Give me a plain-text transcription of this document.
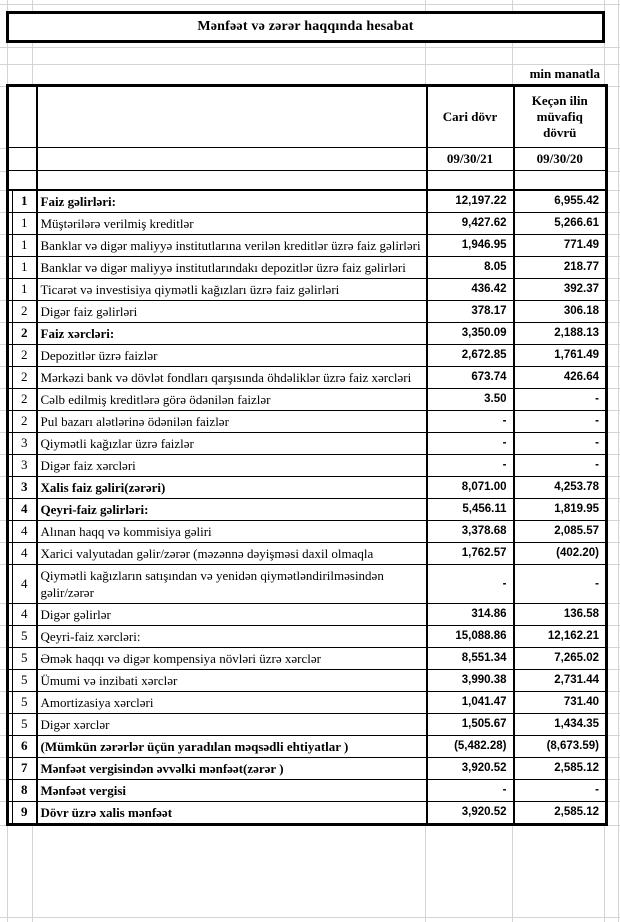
Mənfəət və zərər haqqında hesabat
min manatla
			Cari dövr	Keçən ilin müvafiq dövrü
			09/30/21	09/30/20

	1	Faiz gəlirləri:	12,197.22	6,955.42
	1	Müştərilərə verilmiş kreditlər	9,427.62	5,266.61
	1	Banklar və digər maliyyə institutlarına verilən kreditlər üzrə faiz gəlirləri	1,946.95	771.49
	1	Banklar və digər maliyyə institutlarındakı depozitlər üzrə faiz gəlirləri	8.05	218.77
	1	Ticarət və investisiya qiymətli kağızları üzrə faiz gəlirləri	436.42	392.37
	2	Digər faiz gəlirləri	378.17	306.18
	2	Faiz xərcləri:	3,350.09	2,188.13
	2	Depozitlər üzrə faizlər	2,672.85	1,761.49
	2	Mərkəzi bank və dövlət fondları qarşısında öhdəliklər üzrə faiz xərcləri	673.74	426.64
	2	Cəlb edilmiş kreditlərə görə ödənilən faizlər	3.50	-
	2	Pul bazarı alətlərinə ödənilən faizlər	-	-
	3	Qiymətli kağızlar üzrə faizlər	-	-
	3	Digər faiz xərcləri	-	-
	3	Xalis faiz gəliri(zərəri)	8,071.00	4,253.78
	4	Qeyri-faiz gəlirləri:	5,456.11	1,819.95
	4	Alınan haqq və kommisiya gəliri	3,378.68	2,085.57
	4	Xarici valyutadan gəlir/zərər (məzənnə dəyişməsi daxil olmaqla	1,762.57	(402.20)
	4	Qiymətli kağızların satışından və yenidən qiymətləndirilməsindən gəlir/zərər	-	-
	4	Digər gəlirlər	314.86	136.58
	5	Qeyri-faiz xərcləri:	15,088.86	12,162.21
	5	Əmək haqqı və digər kompensiya növləri üzrə xərclər	8,551.34	7,265.02
	5	Ümumi və inzibati xərclər	3,990.38	2,731.44
	5	Amortizasiya xərcləri	1,041.47	731.40
	5	Digər xərclər	1,505.67	1,434.35
	6	(Mümkün zərərlər üçün yaradılan məqsədli ehtiyatlar )	(5,482.28)	(8,673.59)
	7	Mənfəət vergisindən əvvəlki mənfəət(zərər )	3,920.52	2,585.12
	8	Mənfəət vergisi	-	-
	9	Dövr üzrə xalis mənfəət	3,920.52	2,585.12
